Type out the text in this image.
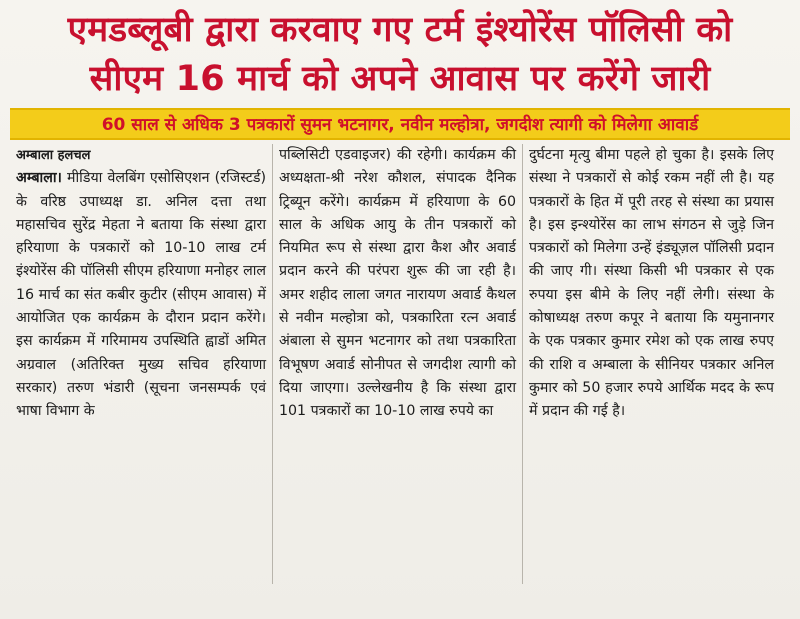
एमडब्लूबी द्वारा करवाए गए टर्म इंश्योरेंस पॉलिसी को
सीएम 16 मार्च को अपने आवास पर करेंगे जारी
60 साल से अधिक 3 पत्रकारों सुमन भटनागर, नवीन मल्होत्रा, जगदीश त्यागी को मिलेगा आवार्ड
अम्बाला हलचल

अम्बाला। मीडिया वेलबिंग एसोसिएशन (रजिस्टर्ड) के वरिष्ठ उपाध्यक्ष डा. अनिल दत्ता तथा महासचिव सुरेंद्र मेहता ने बताया कि संस्था द्वारा हरियाणा के पत्रकारों को 10-10 लाख टर्म इंश्योरेंस की पॉलिसी सीएम हरियाणा मनोहर लाल 16 मार्च का संत कबीर कुटीर (सीएम आवास) में आयोजित एक कार्यक्रम के दौरान प्रदान करेंगे। इस कार्यक्रम में गरिमामय उपस्थिति ह्वाडों अमित अग्रवाल (अतिरिक्त मुख्य सचिव हरियाणा सरकार) तरुण भंडारी (सूचना जनसम्पर्क एवं भाषा विभाग के

पब्लिसिटी एडवाइजर) की रहेगी। कार्यक्रम की अध्यक्षता-श्री नरेश कौशल, संपादक दैनिक ट्रिब्यून करेंगे। कार्यक्रम में हरियाणा के 60 साल के अधिक आयु के तीन पत्रकारों को नियमित रूप से संस्था द्वारा कैश और अवार्ड प्रदान करने की परंपरा शुरू की जा रही है। अमर शहीद लाला जगत नारायण अवार्ड कैथल से नवीन मल्होत्रा को, पत्रकारिता रत्न अवार्ड अंबाला से सुमन भटनागर को तथा पत्रकारिता विभूषण अवार्ड सोनीपत से जगदीश त्यागी को दिया जाएगा। उल्लेखनीय है कि संस्था द्वारा 101 पत्रकारों का 10-10 लाख रुपये का

दुर्घटना मृत्यु बीमा पहले हो चुका है। इसके लिए संस्था ने पत्रकारों से कोई रकम नहीं ली है। यह पत्रकारों के हित में पूरी तरह से संस्था का प्रयास है। इस इन्श्योरेंस का लाभ संगठन से जुड़े जिन पत्रकारों को मिलेगा उन्हें इंड्यूज़ल पॉलिसी प्रदान की जाए गी। संस्था किसी भी पत्रकार से एक रुपया इस बीमे के लिए नहीं लेगी। संस्था के कोषाध्यक्ष तरुण कपूर ने बताया कि यमुनानगर के एक पत्रकार कुमार रमेश को एक लाख रुपए की राशि व अम्बाला के सीनियर पत्रकार अनिल कुमार को 50 हजार रुपये आर्थिक मदद के रूप में प्रदान की गई है।
